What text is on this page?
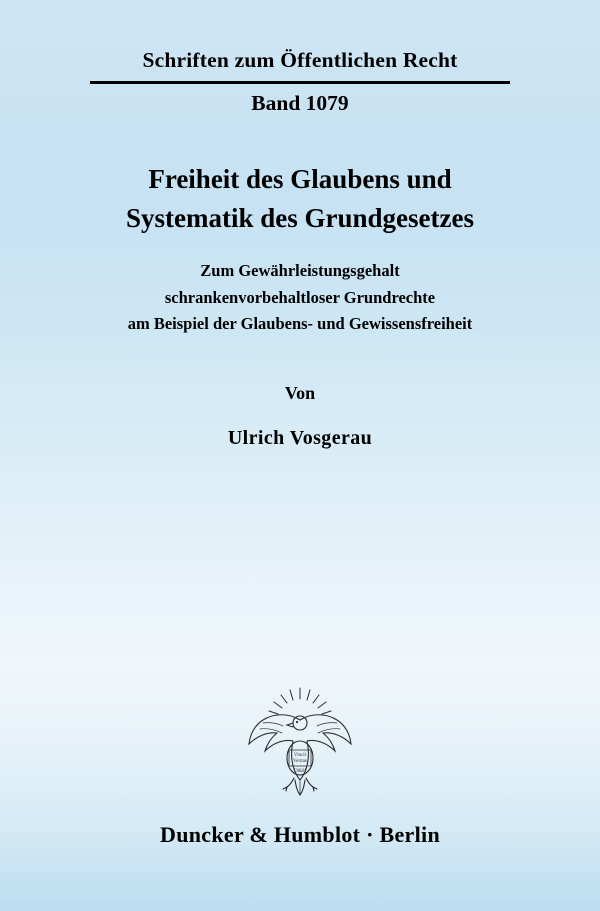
Schriften zum Öffentlichen Recht
Band 1079
Freiheit des Glaubens und
Systematik des Grundgesetzes
Zum Gewährleistungsgehalt
schrankenvorbehaltloser Grundrechte
am Beispiel der Glaubens- und Gewissensfreiheit
Von
Ulrich Vosgerau
Vincit
Veritas
D&H
Duncker & Humblot · Berlin
